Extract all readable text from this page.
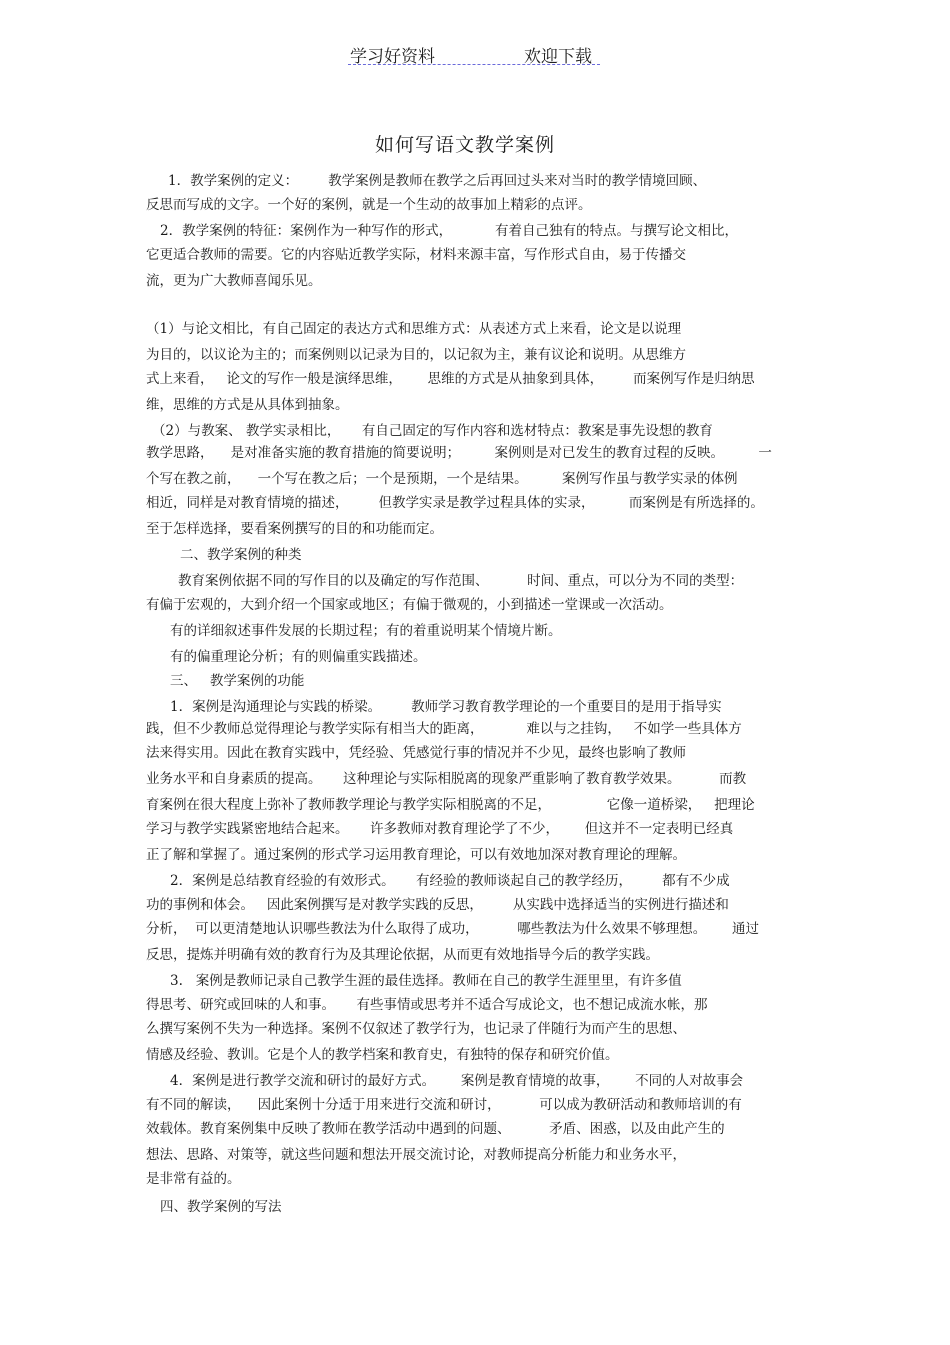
学习好资料	欢迎下载
如何写语文教学案例
1．教学案例的定义：       教学案例是教师在教学之后再回过头来对当时的教学情境回顾、
反思而写成的文字。一个好的案例，就是一个生动的故事加上精彩的点评。
2．教学案例的特征：案例作为一种写作的形式，          有着自己独有的特点。与撰写论文相比，
它更适合教师的需要。它的内容贴近教学实际，材料来源丰富，写作形式自由，易于传播交
流，更为广大教师喜闻乐见。
（1）与论文相比，有自己固定的表达方式和思维方式：从表述方式上来看，论文是以说理
为目的，以议论为主的；而案例则以记录为目的，以记叙为主，兼有议论和说明。从思维方
式上来看，   论文的写作一般是演绎思维，      思维的方式是从抽象到具体，       而案例写作是归纳思
维，思维的方式是从具体到抽象。
（2）与教案、 教学实录相比，     有自己固定的写作内容和选材特点：教案是事先设想的教育
教学思路，    是对准备实施的教育措施的简要说明；        案例则是对已发生的教育过程的反映。        一
个写在教之前，    一个写在教之后；一个是预期，一个是结果。        案例写作虽与教学实录的体例
相近，同样是对教育情境的描述，       但教学实录是教学过程具体的实录，        而案例是有所选择的。
至于怎样选择，要看案例撰写的目的和功能而定。
二、教学案例的种类
教育案例依据不同的写作目的以及确定的写作范围、         时间、重点，可以分为不同的类型：
有偏于宏观的，大到介绍一个国家或地区；有偏于微观的，小到描述一堂课或一次活动。
有的详细叙述事件发展的长期过程；有的着重说明某个情境片断。
有的偏重理论分析；有的则偏重实践描述。
三、   教学案例的功能
1．案例是沟通理论与实践的桥梁。       教师学习教育教学理论的一个重要目的是用于指导实
践，但不少教师总觉得理论与教学实际有相当大的距离，          难以与之挂钩，   不如学一些具体方
法来得实用。因此在教育实践中，凭经验、凭感觉行事的情况并不少见，最终也影响了教师
业务水平和自身素质的提高。     这种理论与实际相脱离的现象严重影响了教育教学效果。         而教
育案例在很大程度上弥补了教师教学理论与教学实际相脱离的不足，             它像一道桥梁，   把理论
学习与教学实践紧密地结合起来。     许多教师对教育理论学了不少，      但这并不一定表明已经真
正了解和掌握了。通过案例的形式学习运用教育理论，可以有效地加深对教育理论的理解。
2．案例是总结教育经验的有效形式。     有经验的教师谈起自己的教学经历，       都有不少成
功的事例和体会。   因此案例撰写是对教学实践的反思，       从实践中选择适当的实例进行描述和
分析，  可以更清楚地认识哪些教法为什么取得了成功，         哪些教法为什么效果不够理想。      通过
反思，提炼并明确有效的教育行为及其理论依据，从而更有效地指导今后的教学实践。
3.   案例是教师记录自己教学生涯的最佳选择。教师在自己的教学生涯里里，有许多值
得思考、研究或回味的人和事。     有些事情或思考并不适合写成论文，也不想记成流水帐，那
么撰写案例不失为一种选择。案例不仅叙述了教学行为，也记录了伴随行为而产生的思想、
情感及经验、教训。它是个人的教学档案和教育史，有独特的保存和研究价值。
4．案例是进行教学交流和研讨的最好方式。      案例是教育情境的故事，      不同的人对故事会
有不同的解读，    因此案例十分适于用来进行交流和研讨，         可以成为教研活动和教师培训的有
效载体。教育案例集中反映了教师在教学活动中遇到的问题、         矛盾、困惑，以及由此产生的
想法、思路、对策等，就这些问题和想法开展交流讨论，对教师提高分析能力和业务水平，
是非常有益的。
四、教学案例的写法
